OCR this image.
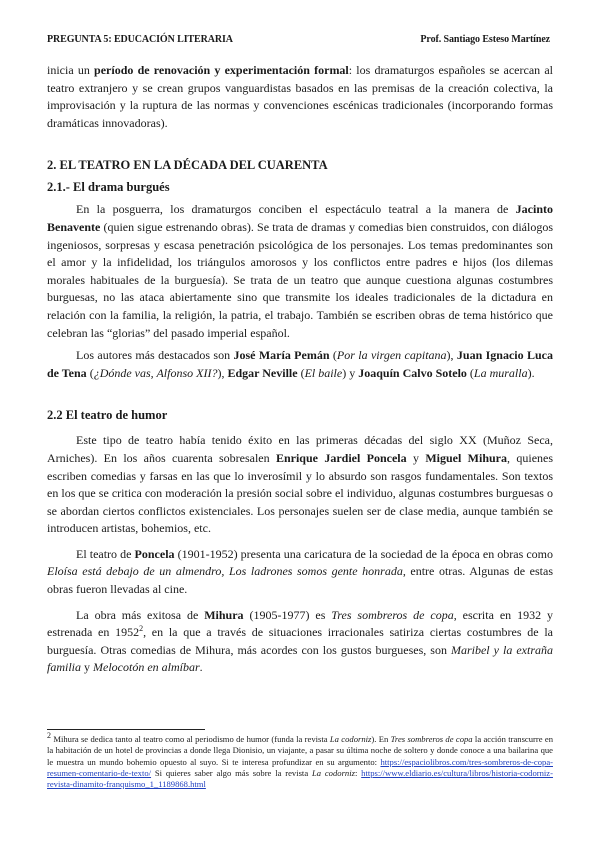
PREGUNTA 5: EDUCACIÓN LITERARIA	Prof. Santiago Esteso Martínez

inicia un período de renovación y experimentación formal: los dramaturgos españoles se acercan al teatro extranjero y se crean grupos vanguardistas basados en las premisas de la creación colectiva, la improvisación y la ruptura de las normas y convenciones escénicas tradicionales (incorporando formas dramáticas innovadoras).

2. EL TEATRO EN LA DÉCADA DEL CUARENTA
2.1.- El drama burgués

En la posguerra, los dramaturgos conciben el espectáculo teatral a la manera de Jacinto Benavente (quien sigue estrenando obras). Se trata de dramas y comedias bien construidos, con diálogos ingeniosos, sorpresas y escasa penetración psicológica de los personajes. Los temas predominantes son el amor y la infidelidad, los triángulos amorosos y los conflictos entre padres e hijos (los dilemas morales habituales de la burguesía). Se trata de un teatro que aunque cuestiona algunas costumbres burguesas, no las ataca abiertamente sino que transmite los ideales tradicionales de la dictadura en relación con la familia, la religión, la patria, el trabajo. También se escriben obras de tema histórico que celebran las “glorias” del pasado imperial español.

Los autores más destacados son José María Pemán (Por la virgen capitana), Juan Ignacio Luca de Tena (¿Dónde vas, Alfonso XII?), Edgar Neville (El baile) y Joaquín Calvo Sotelo (La muralla).

2.2 El teatro de humor

Este tipo de teatro había tenido éxito en las primeras décadas del siglo XX (Muñoz Seca, Arniches). En los años cuarenta sobresalen Enrique Jardiel Poncela y Miguel Mihura, quienes escriben comedias y farsas en las que lo inverosímil y lo absurdo son rasgos fundamentales. Son textos en los que se critica con moderación la presión social sobre el individuo, algunas costumbres burguesas o se abordan ciertos conflictos existenciales. Los personajes suelen ser de clase media, aunque también se introducen artistas, bohemios, etc.

El teatro de Poncela (1901-1952) presenta una caricatura de la sociedad de la época en obras como Eloísa está debajo de un almendro, Los ladrones somos gente honrada, entre otras. Algunas de estas obras fueron llevadas al cine.

La obra más exitosa de Mihura (1905-1977) es Tres sombreros de copa, escrita en 1932 y estrenada en 1952$^2$, en la que a través de situaciones irracionales satiriza ciertas costumbres de la burguesía. Otras comedias de Mihura, más acordes con los gustos burgueses, son Maribel y la extraña familia y Melocotón en almíbar.

$^2$ Mihura se dedica tanto al teatro como al periodismo de humor (funda la revista La codorniz). En Tres sombreros de copa la acción transcurre en la habitación de un hotel de provincias a donde llega Dionisio, un viajante, a pasar su última noche de soltero y donde conoce a una bailarina que le muestra un mundo bohemio opuesto al suyo. Si te interesa profundizar en su argumento: https://espaciolibros.com/tres-sombreros-de-copa-resumen-comentario-de-texto/ Si quieres saber algo más sobre la revista La codorniz: https://www.eldiario.es/cultura/libros/historia-codorniz-revista-dinamito-franquismo_1_1189868.html
